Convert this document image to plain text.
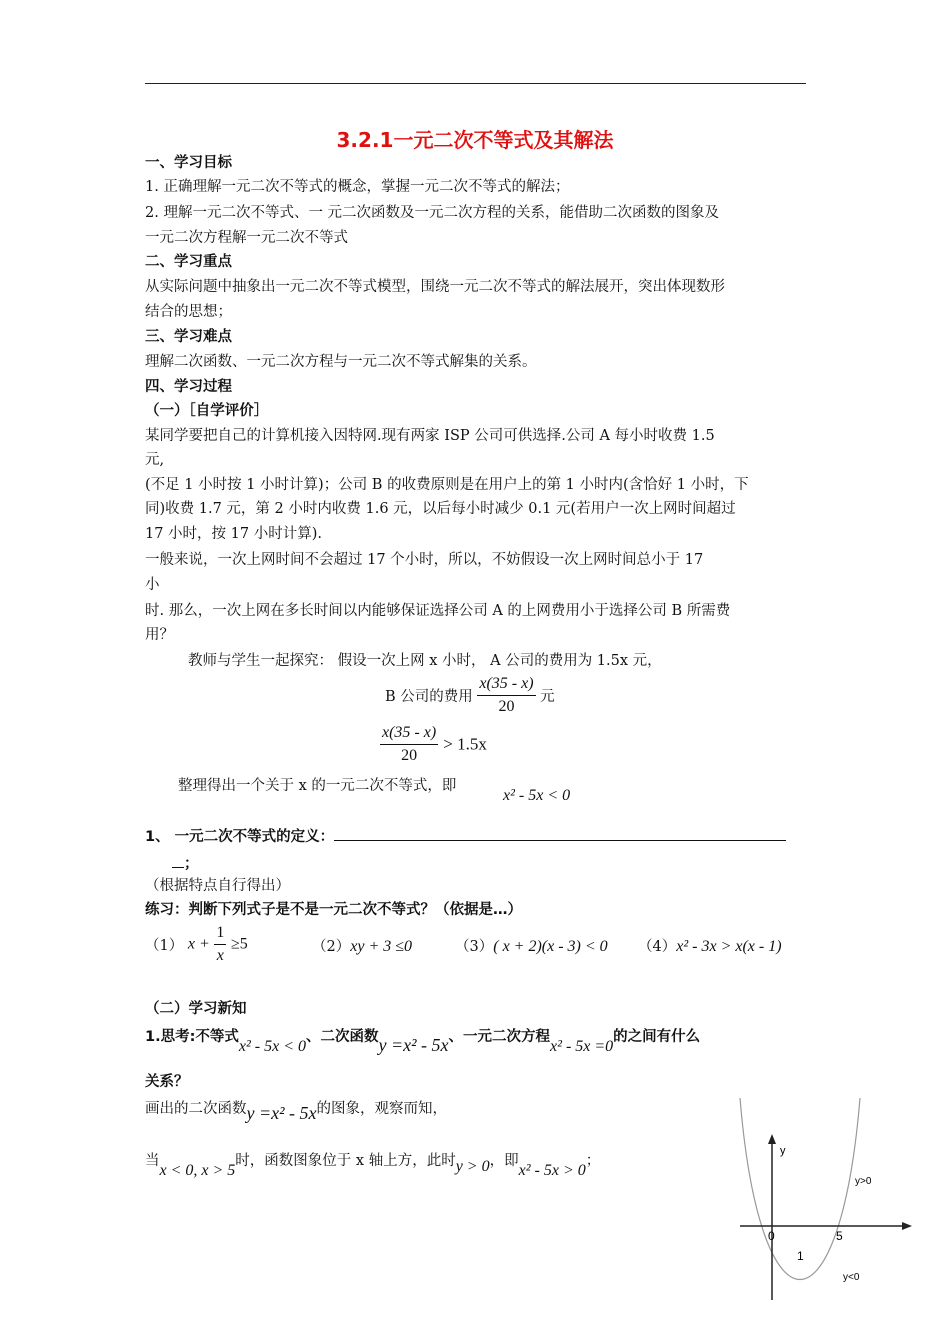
3.2.1一元二次不等式及其解法
一、学习目标
1. 正确理解一元二次不等式的概念，掌握一元二次不等式的解法；
2. 理解一元二次不等式、一 元二次函数及一元二次方程的关系，能借助二次函数的图象及
一元二次方程解一元二次不等式
二、学习重点
从实际问题中抽象出一元二次不等式模型，围绕一元二次不等式的解法展开，突出体现数形
结合的思想；
三、学习难点
理解二次函数、一元二次方程与一元二次不等式解集的关系。
四、学习过程
（一）［自学评价］
某同学要把自己的计算机接入因特网.现有两家 ISP 公司可供选择.公司 A 每小时收费 1.5
元,
(不足 1 小时按 1 小时计算)；公司 B 的收费原则是在用户上的第 1 小时内(含恰好 1 小时，下
同)收费 1.7 元，第 2 小时内收费 1.6 元，以后每小时减少 0.1 元(若用户一次上网时间超过
17 小时，按 17 小时计算).
一般来说，一次上网时间不会超过 17 个小时，所以，不妨假设一次上网时间总小于 17
小
时. 那么，一次上网在多长时间以内能够保证选择公司 A 的上网费用小于选择公司 B 所需费
用？
教师与学生一起探究： 假设一次上网 x 小时， A 公司的费用为 1.5x 元，
B 公司的费用 $\frac{x(35 - x)}{20}$ 元
$\frac{x(35 - x)}{20} > 1.5x$
整理得出一个关于 x 的一元二次不等式，即
x² - 5x < 0
1、 一元二次不等式的定义：
；
（根据特点自行得出）
练习：判断下列式子是不是一元二次不等式？（依据是…）
（1） $x + \frac{1}{x} \ge 5$	（2）xy + 3 ≤0	（3）( x + 2)(x - 3) < 0 （4）x² - 3x > x(x - 1)
（二）学习新知
1.思考:不等式x² - 5x < 0、二次函数y =x² - 5x、一元二次方程x² - 5x =0的之间有什么
关系？
画出的二次函数y =x² - 5x的图象，观察而知，
当x < 0, x > 5时，函数图象位于 x 轴上方，此时y > 0，即x² - 5x > 0；
y
0	5
y>0
y<0
1
